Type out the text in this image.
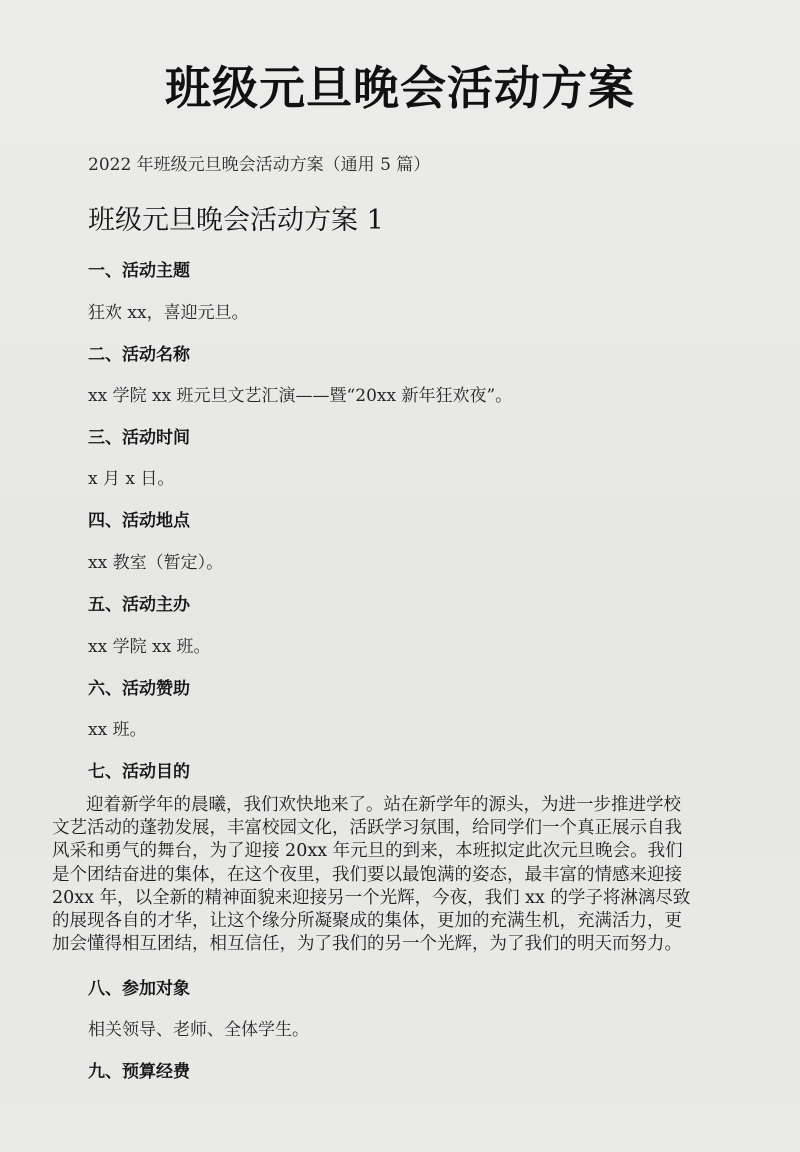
班级元旦晚会活动方案
2022 年班级元旦晚会活动方案（通用 5 篇）
班级元旦晚会活动方案 1
一、活动主题
狂欢 xx，喜迎元旦。
二、活动名称
xx 学院 xx 班元旦文艺汇演——暨“20xx 新年狂欢夜”。
三、活动时间
x 月 x 日。
四、活动地点
xx 教室（暂定）。
五、活动主办
xx 学院 xx 班。
六、活动赞助
xx 班。
七、活动目的
迎着新学年的晨曦，我们欢快地来了。站在新学年的源头，为进一步推进学校
文艺活动的蓬勃发展，丰富校园文化，活跃学习氛围，给同学们一个真正展示自我
风采和勇气的舞台，为了迎接 20xx 年元旦的到来，本班拟定此次元旦晚会。我们
是个团结奋进的集体，在这个夜里，我们要以最饱满的姿态，最丰富的情感来迎接
20xx 年，以全新的精神面貌来迎接另一个光辉，今夜，我们 xx 的学子将淋漓尽致
的展现各自的才华，让这个缘分所凝聚成的集体，更加的充满生机，充满活力，更
加会懂得相互团结，相互信任，为了我们的另一个光辉，为了我们的明天而努力。
八、参加对象
相关领导、老师、全体学生。
九、预算经费
